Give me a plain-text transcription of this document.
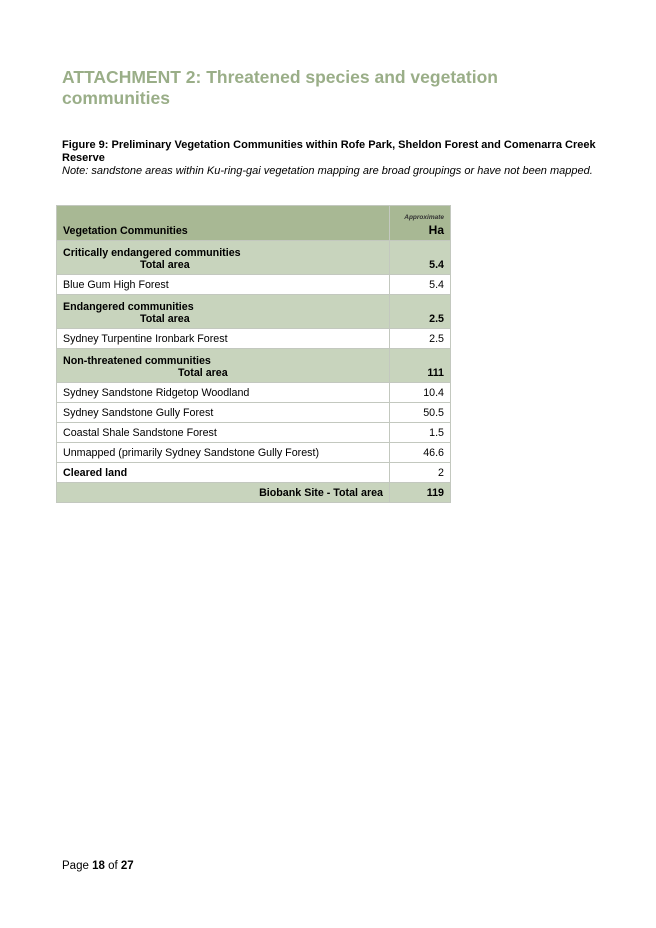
ATTACHMENT 2: Threatened species and vegetation communities
Figure 9: Preliminary Vegetation Communities within Rofe Park, Sheldon Forest and Comenarra Creek Reserve
Note: sandstone areas within Ku-ring-gai vegetation mapping are broad groupings or have not been mapped.
Vegetation Communities	Approximate
Ha

Critically endangered communities
Total area	5.4
Blue Gum High Forest	5.4

Endangered communities
Total area	2.5
Sydney Turpentine Ironbark Forest	2.5

Non-threatened communities
Total area	111
Sydney Sandstone Ridgetop Woodland	10.4
Sydney Sandstone Gully Forest	50.5
Coastal Shale Sandstone Forest	1.5
Unmapped (primarily Sydney Sandstone Gully Forest)	46.6
Cleared land	2
Biobank Site - Total area	119
Page 18 of 27
